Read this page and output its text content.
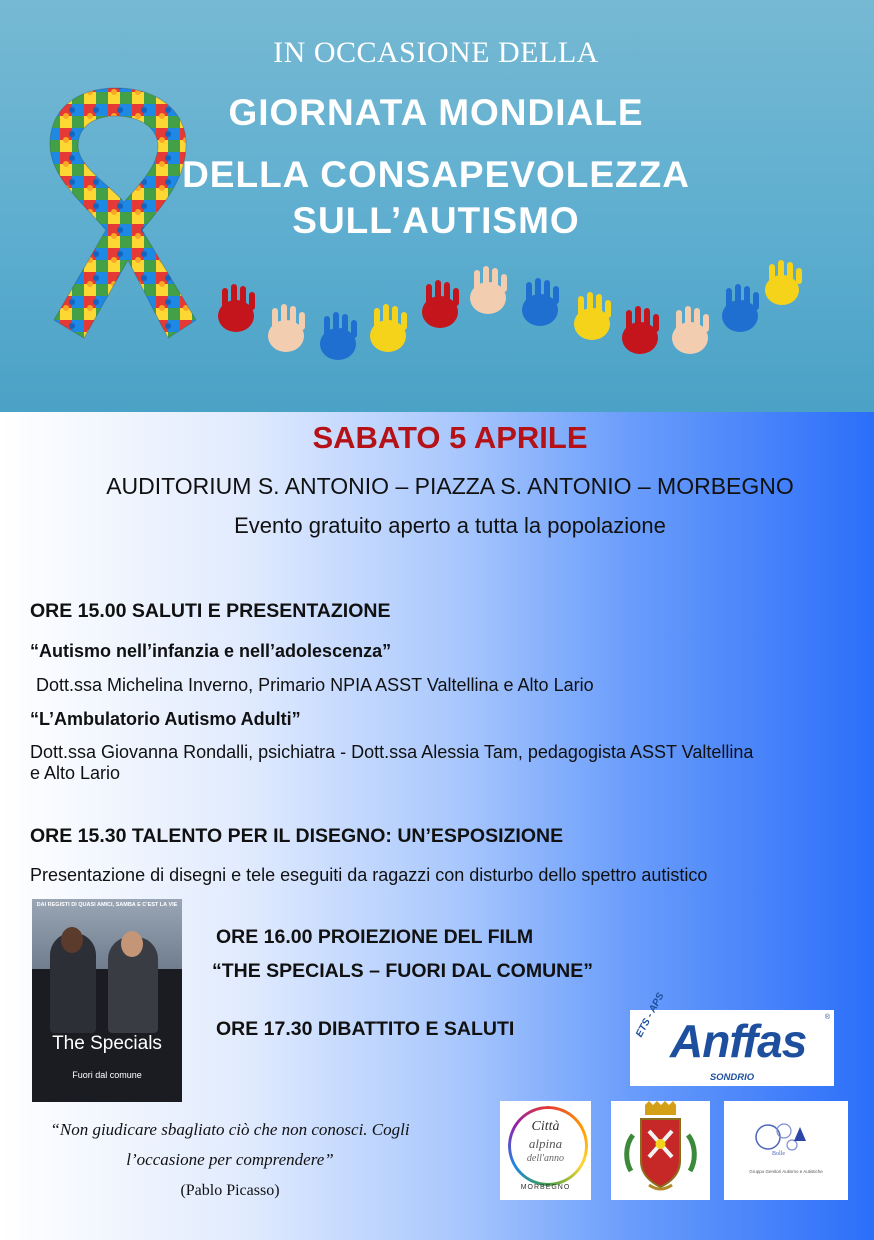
IN OCCASIONE DELLA

GIORNATA MONDIALE

DELLA CONSAPEVOLEZZA

SULL’AUTISMO

SABATO 5 APRILE

AUDITORIUM S. ANTONIO – PIAZZA S. ANTONIO – MORBEGNO

Evento gratuito aperto a tutta la popolazione

ORE 15.00 SALUTI E PRESENTAZIONE

“Autismo nell’infanzia e nell’adolescenza”

Dott.ssa Michelina Inverno, Primario NPIA ASST Valtellina e Alto Lario

“L’Ambulatorio Autismo Adulti”

Dott.ssa Giovanna Rondalli, psichiatra - Dott.ssa Alessia Tam, pedagogista ASST Valtellina

e Alto Lario

ORE 15.30 TALENTO PER IL DISEGNO: UN’ESPOSIZIONE

Presentazione di disegni e tele eseguiti da ragazzi con disturbo dello spettro autistico

DAI REGISTI DI QUASI AMICI, SAMBA E C'EST LA VIE
The Specials
Fuori dal comune

ORE 16.00 PROIEZIONE DEL FILM

“THE SPECIALS – FUORI DAL COMUNE”

ORE 17.30 DIBATTITO E SALUTI	ETS - APS Anffas	®
SONDRIO
Città
alpina
dell'anno
MORBEGNO
Bolle
Gruppo Genitori Autismo e Autistiche

“Non giudicare sbagliato ciò che non conosci. Cogli

l’occasione per comprendere”

(Pablo Picasso)
